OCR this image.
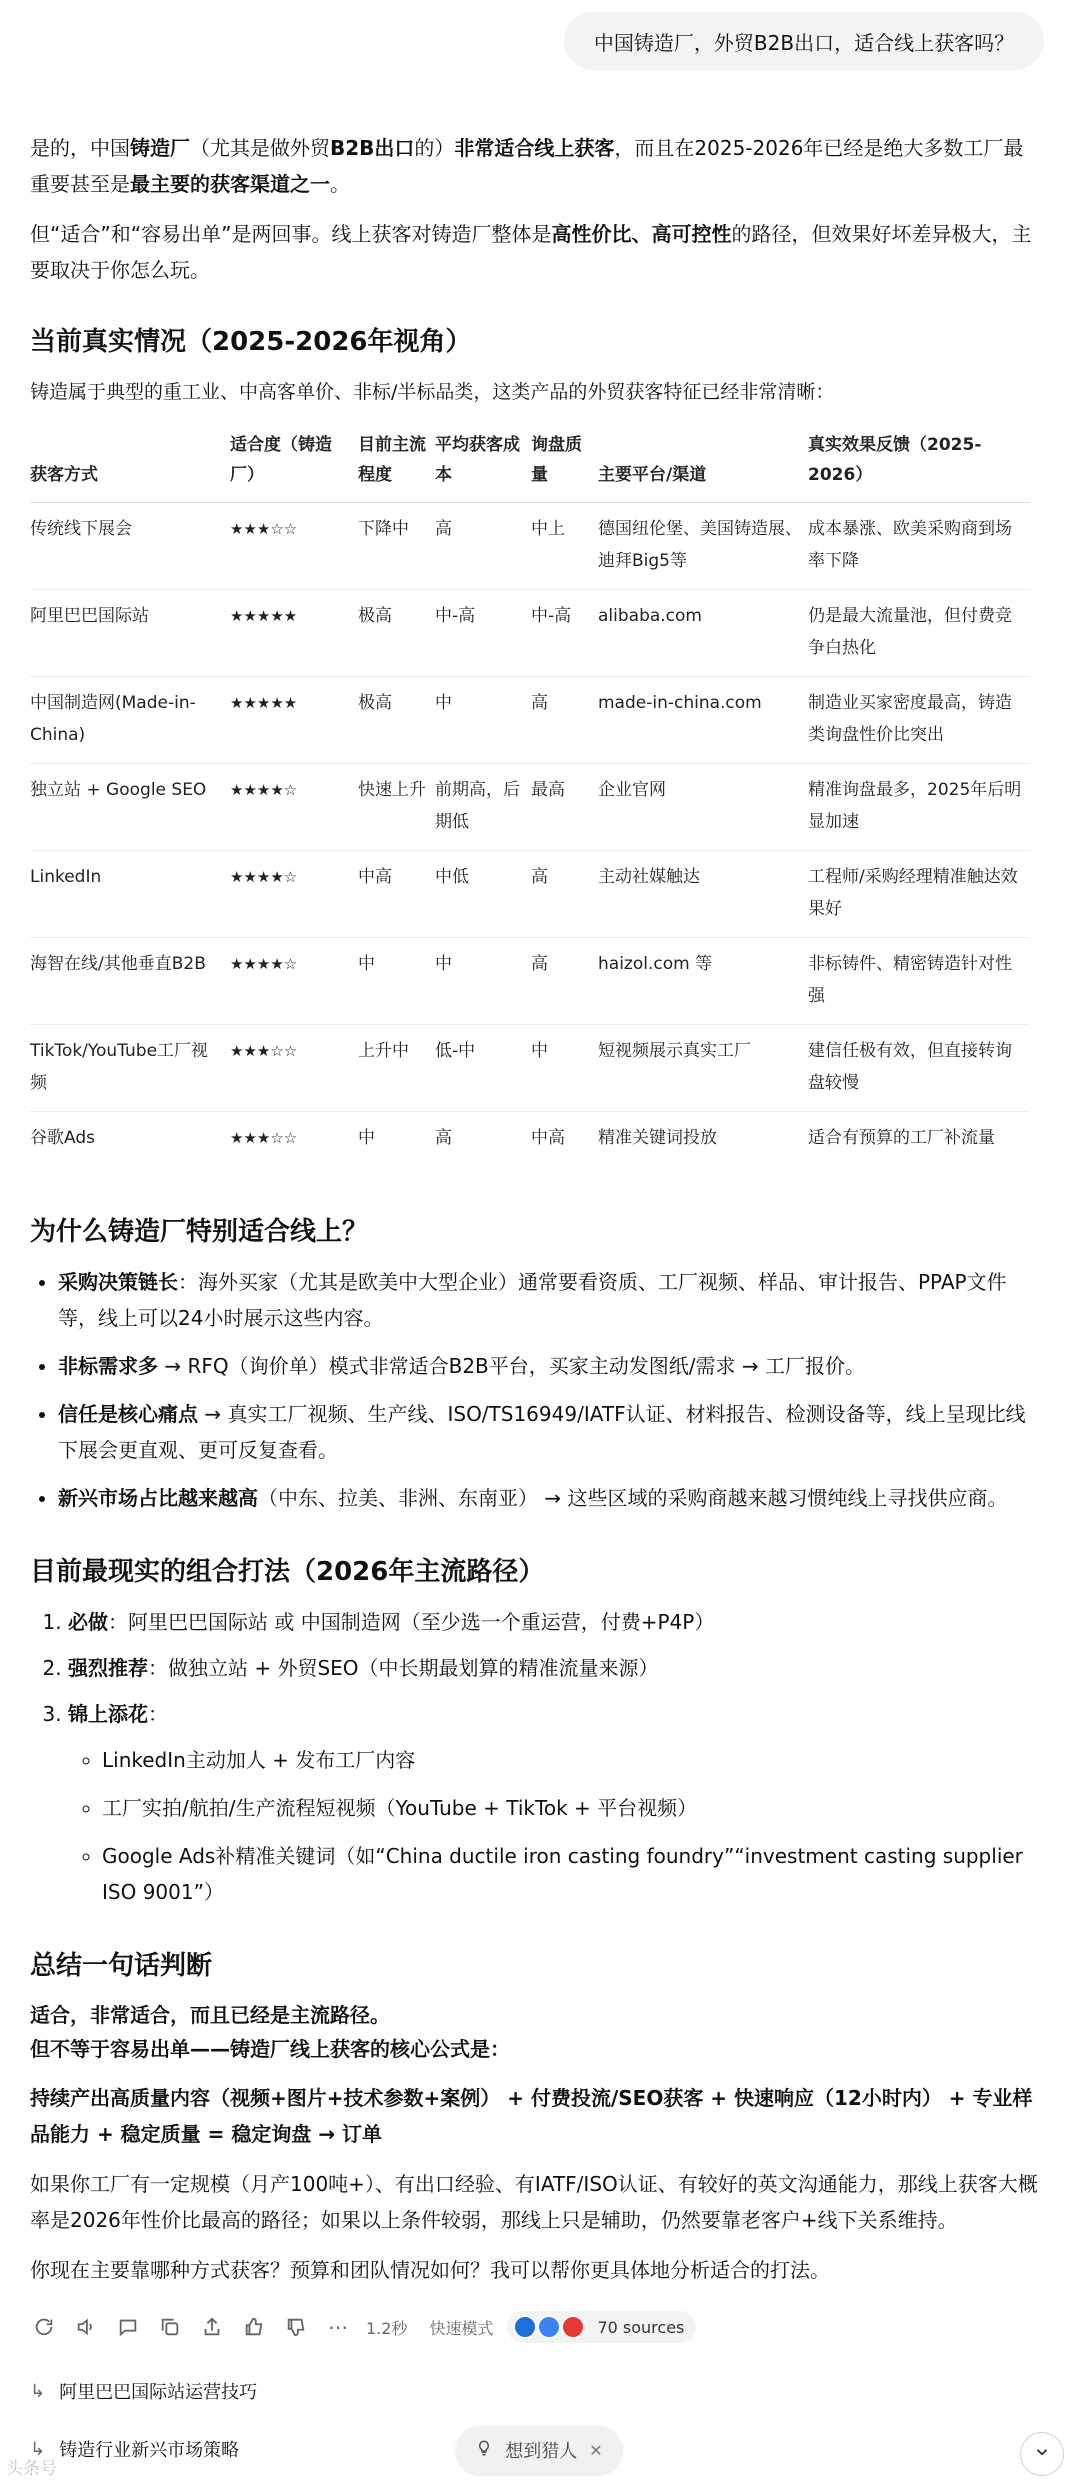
中国铸造厂，外贸B2B出口，适合线上获客吗？

是的，中国铸造厂（尤其是做外贸B2B出口的）非常适合线上获客，而且在2025-2026年已经是绝大多数工厂最重要甚至是最主要的获客渠道之一。

但“适合”和“容易出单”是两回事。线上获客对铸造厂整体是高性价比、高可控性的路径，但效果好坏差异极大，主要取决于你怎么玩。

当前真实情况（2025-2026年视角）

铸造属于典型的重工业、中高客单价、非标/半标品类，这类产品的外贸获客特征已经非常清晰：

获客方式	适合度（铸造厂）	目前主流程度	平均获客成本	询盘质量	主要平台/渠道	真实效果反馈（2025-2026）
传统线下展会	★★★☆☆	下降中	高	中上	德国纽伦堡、美国铸造展、迪拜Big5等	成本暴涨、欧美采购商到场率下降
阿里巴巴国际站	★★★★★	极高	中-高	中-高	alibaba.com	仍是最大流量池，但付费竞争白热化
中国制造网(Made-in-China)	★★★★★	极高	中	高	made-in-china.com	制造业买家密度最高，铸造类询盘性价比突出
独立站 + Google SEO	★★★★☆	快速上升	前期高，后期低	最高	企业官网	精准询盘最多，2025年后明显加速
LinkedIn	★★★★☆	中高	中低	高	主动社媒触达	工程师/采购经理精准触达效果好
海智在线/其他垂直B2B	★★★★☆	中	中	高	haizol.com 等	非标铸件、精密铸造针对性强
TikTok/YouTube工厂视频	★★★☆☆	上升中	低-中	中	短视频展示真实工厂	建信任极有效，但直接转询盘较慢
谷歌Ads	★★★☆☆	中	高	中高	精准关键词投放	适合有预算的工厂补流量
为什么铸造厂特别适合线上？
• 采购决策链长：海外买家（尤其是欧美中大型企业）通常要看资质、工厂视频、样品、审计报告、PPAP文件等，线上可以24小时展示这些内容。
• 非标需求多 → RFQ（询价单）模式非常适合B2B平台，买家主动发图纸/需求 → 工厂报价。
• 信任是核心痛点 → 真实工厂视频、生产线、ISO/TS16949/IATF认证、材料报告、检测设备等，线上呈现比线下展会更直观、更可反复查看。
• 新兴市场占比越来越高（中东、拉美、非洲、东南亚） → 这些区域的采购商越来越习惯纯线上寻找供应商。
目前最现实的组合打法（2026年主流路径）
1. 必做：阿里巴巴国际站 或 中国制造网（至少选一个重运营，付费+P4P）
2. 强烈推荐：做独立站 + 外贸SEO（中长期最划算的精准流量来源）
3. 锦上添花：
◦ LinkedIn主动加人 + 发布工厂内容
◦ 工厂实拍/航拍/生产流程短视频（YouTube + TikTok + 平台视频）
◦ Google Ads补精准关键词（如“China ductile iron casting foundry”“investment casting supplier ISO 9001”）
总结一句话判断
适合，非常适合，而且已经是主流路径。
但不等于容易出单——铸造厂线上获客的核心公式是：

持续产出高质量内容（视频+图片+技术参数+案例） + 付费投流/SEO获客 + 快速响应（12小时内） + 专业样品能力 + 稳定质量 = 稳定询盘 → 订单

如果你工厂有一定规模（月产100吨+）、有出口经验、有IATF/ISO认证、有较好的英文沟通能力，那线上获客大概率是2026年性价比最高的路径；如果以上条件较弱，那线上只是辅助，仍然要靠老客户+线下关系维持。

你现在主要靠哪种方式获客？预算和团队情况如何？我可以帮你更具体地分析适合的打法。

⋯ 1.2秒 快速模式	70 sources
↳ 阿里巴巴国际站运营技巧
↳ 铸造行业新兴市场策略	想到猎人 ✕
头条号
